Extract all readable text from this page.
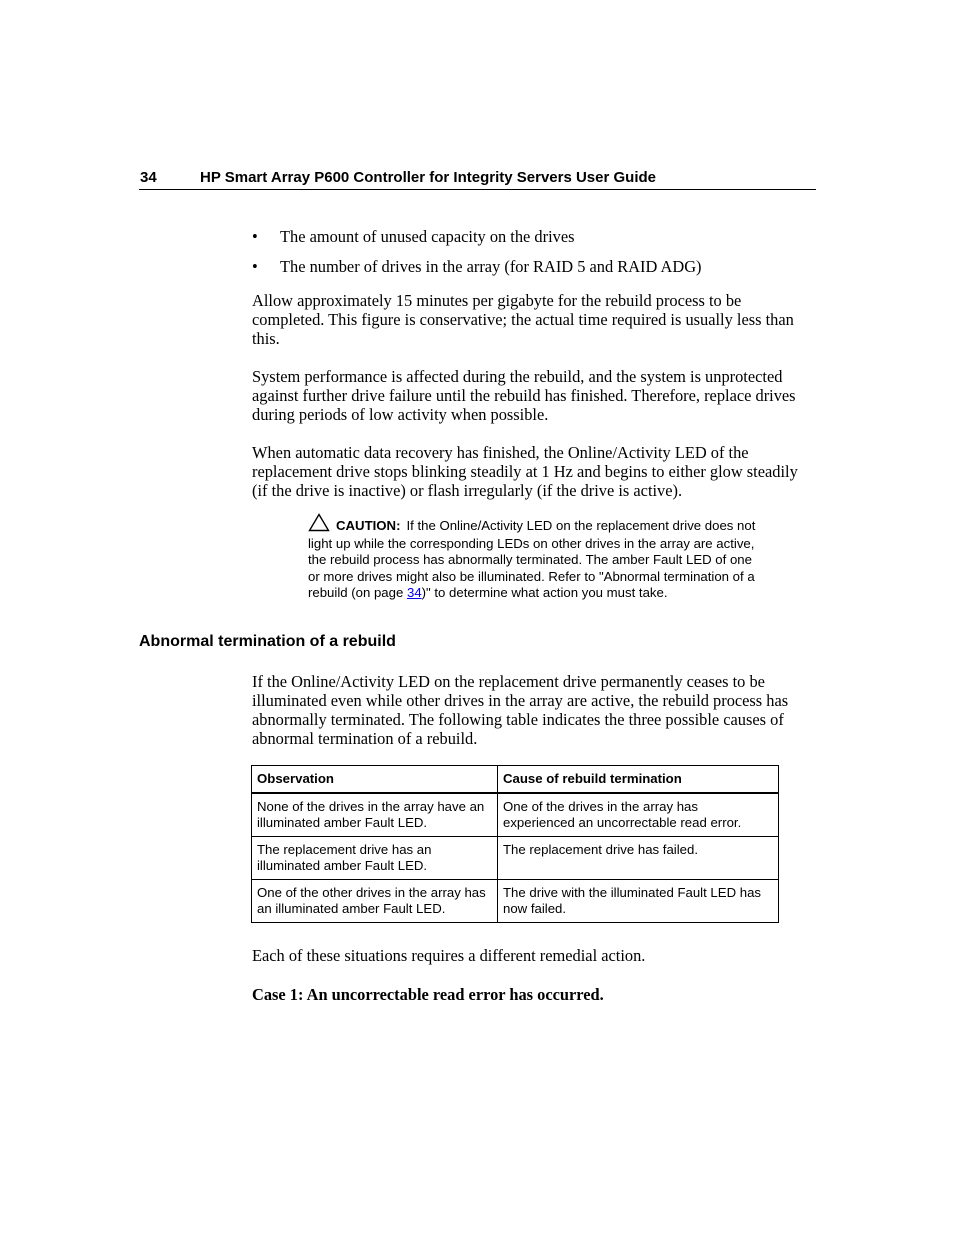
34	HP Smart Array P600 Controller for Integrity Servers User Guide
• The amount of unused capacity on the drives
• The number of drives in the array (for RAID 5 and RAID ADG)

Allow approximately 15 minutes per gigabyte for the rebuild process to be completed. This figure is conservative; the actual time required is usually less than this.

System performance is affected during the rebuild, and the system is unprotected against further drive failure until the rebuild has finished. Therefore, replace drives during periods of low activity when possible.

When automatic data recovery has finished, the Online/Activity LED of the replacement drive stops blinking steadily at 1 Hz and begins to either glow steadily (if the drive is inactive) or flash irregularly (if the drive is active).

CAUTION: If the Online/Activity LED on the replacement drive does not light up while the corresponding LEDs on other drives in the array are active, the rebuild process has abnormally terminated. The amber Fault LED of one or more drives might also be illuminated. Refer to "Abnormal termination of a rebuild (on page 34)" to determine what action you must take.

Abnormal termination of a rebuild

If the Online/Activity LED on the replacement drive permanently ceases to be illuminated even while other drives in the array are active, the rebuild process has abnormally terminated. The following table indicates the three possible causes of abnormal termination of a rebuild.

Observation	Cause of rebuild termination
None of the drives in the array have an illuminated amber Fault LED.	One of the drives in the array has experienced an uncorrectable read error.
The replacement drive has an illuminated amber Fault LED.	The replacement drive has failed.
One of the other drives in the array has an illuminated amber Fault LED.	The drive with the illuminated Fault LED has now failed.

Each of these situations requires a different remedial action.

Case 1: An uncorrectable read error has occurred.
